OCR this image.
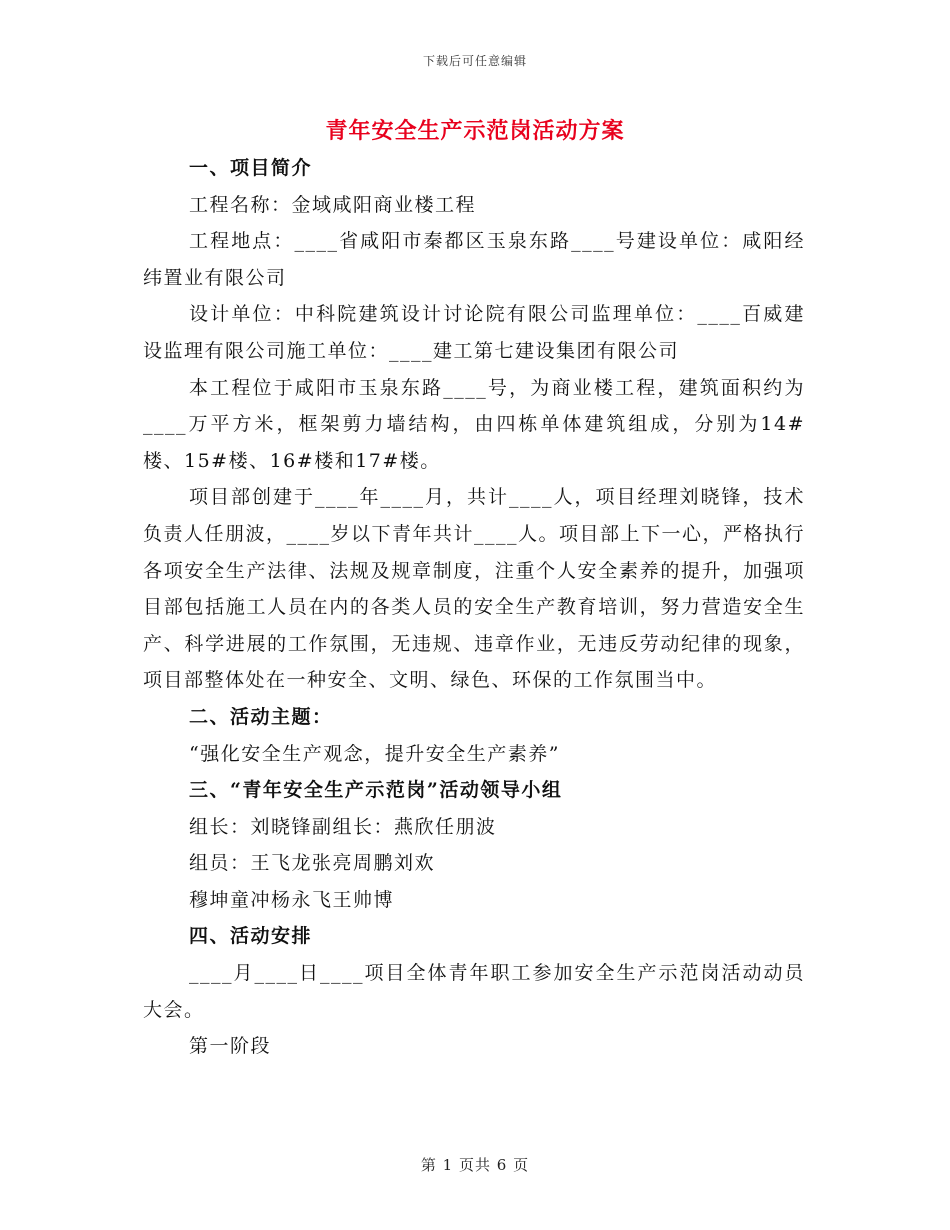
下载后可任意编辑
青年安全生产示范岗活动方案

一、项目简介

工程名称：金域咸阳商业楼工程

工程地点：____省咸阳市秦都区玉泉东路____号建设单位：咸阳经纬置业有限公司

设计单位：中科院建筑设计讨论院有限公司监理单位：____百威建设监理有限公司施工单位：____建工第七建设集团有限公司

本工程位于咸阳市玉泉东路____号，为商业楼工程，建筑面积约为____万平方米，框架剪力墙结构，由四栋单体建筑组成，分别为14#楼、15#楼、16#楼和17#楼。

项目部创建于____年____月，共计____人，项目经理刘晓锋，技术负责人任朋波，____岁以下青年共计____人。项目部上下一心，严格执行各项安全生产法律、法规及规章制度，注重个人安全素养的提升，加强项目部包括施工人员在内的各类人员的安全生产教育培训，努力营造安全生产、科学进展的工作氛围，无违规、违章作业，无违反劳动纪律的现象，项目部整体处在一种安全、文明、绿色、环保的工作氛围当中。

二、活动主题：

“强化安全生产观念，提升安全生产素养”

三、“青年安全生产示范岗”活动领导小组

组长：刘晓锋副组长：燕欣任朋波

组员：王飞龙张亮周鹏刘欢

穆坤童冲杨永飞王帅博

四、活动安排

____月____日____项目全体青年职工参加安全生产示范岗活动动员大会。

第一阶段

第 1 页共 6 页
